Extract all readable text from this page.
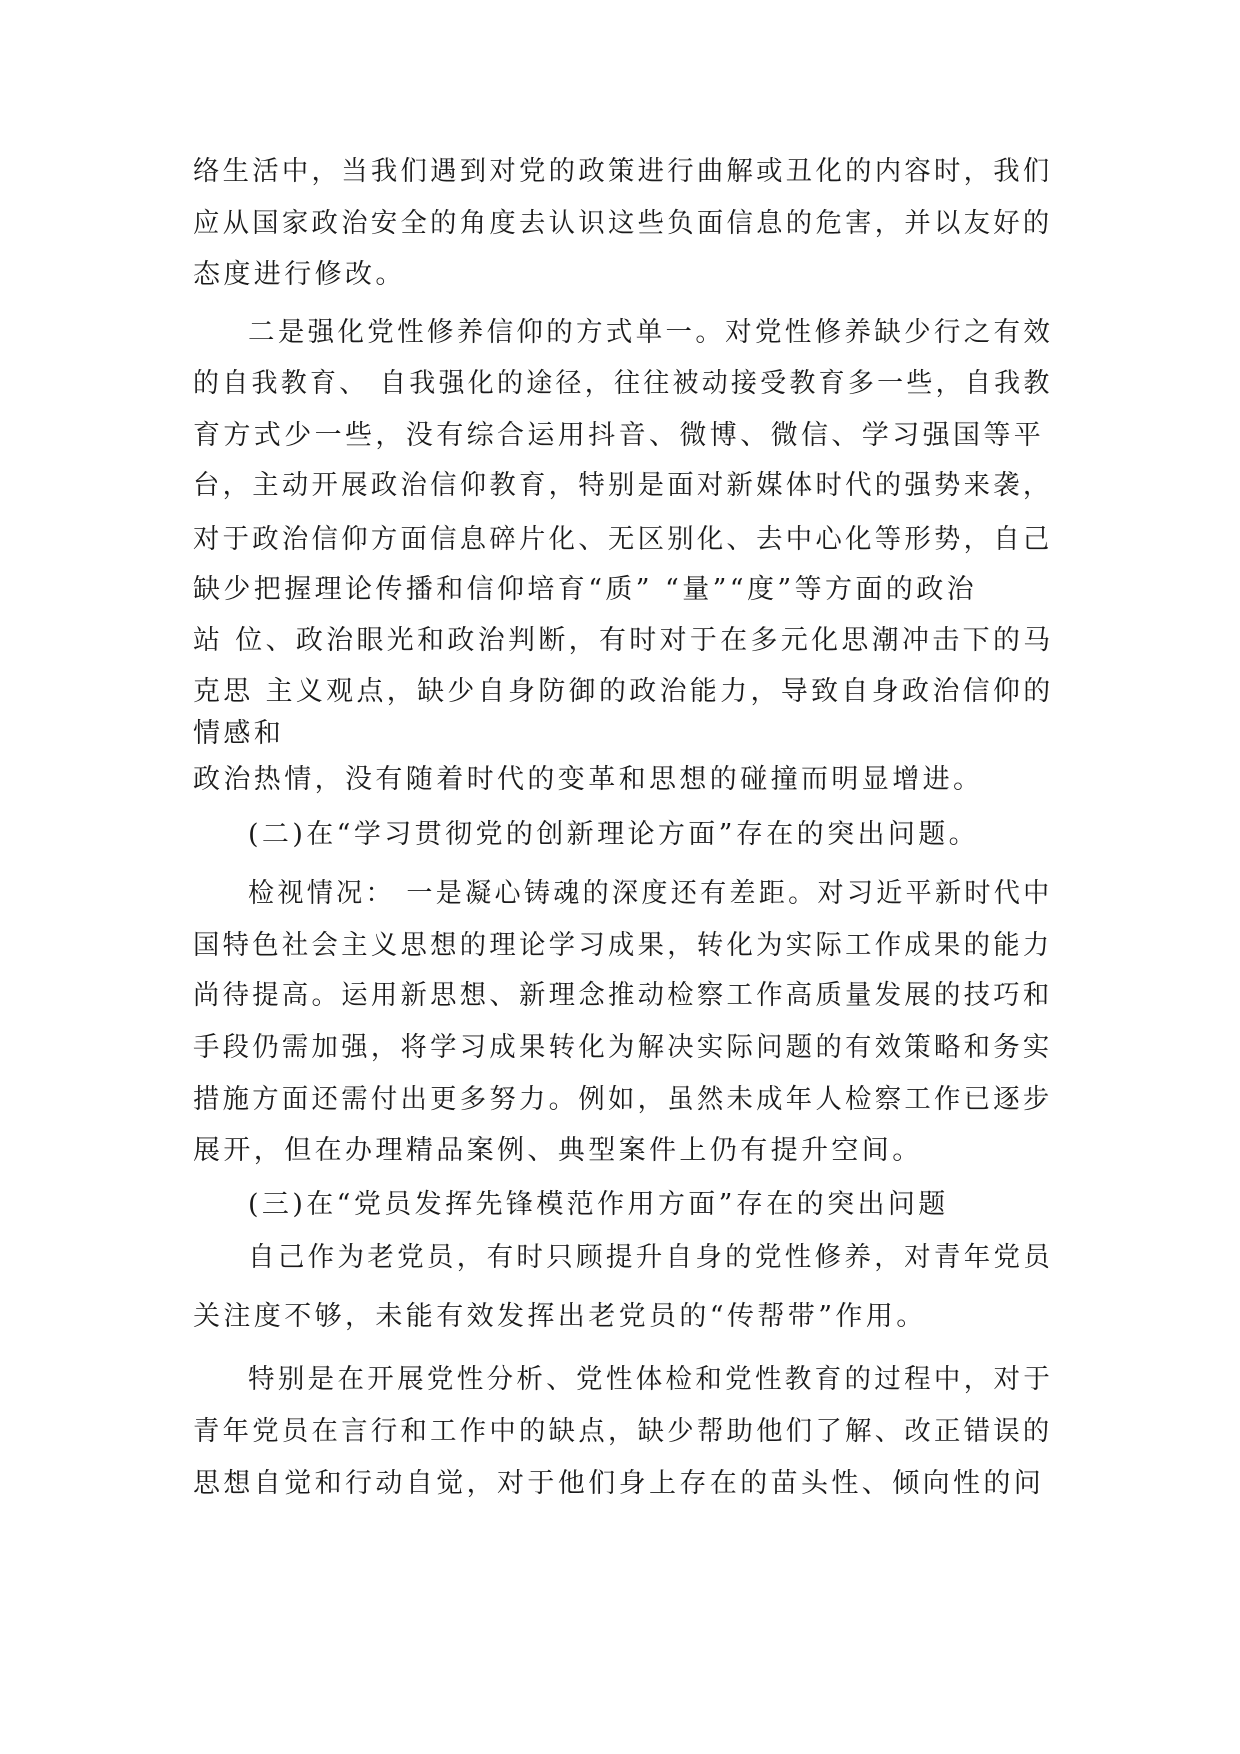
络生活中，当我们遇到对党的政策进行曲解或丑化的内容时，我们
应从国家政治安全的角度去认识这些负面信息的危害，并以友好的
态度进行修改。
二是强化党性修养信仰的方式单一。对党性修养缺少行之有效
的自我教育、 自我强化的途径，往往被动接受教育多一些，自我教
育方式少一些，没有综合运用抖音、微博、微信、学习强国等平
台，主动开展政治信仰教育，特别是面对新媒体时代的强势来袭，
对于政治信仰方面信息碎片化、无区别化、去中心化等形势，自己
缺少把握理论传播和信仰培育“质” “量”“度”等方面的政治
站 位、政治眼光和政治判断，有时对于在多元化思潮冲击下的马
克思 主义观点，缺少自身防御的政治能力，导致自身政治信仰的
情感和
政治热情，没有随着时代的变革和思想的碰撞而明显增进。
(二)在“学习贯彻党的创新理论方面”存在的突出问题。
检视情况： 一是凝心铸魂的深度还有差距。对习近平新时代中
国特色社会主义思想的理论学习成果，转化为实际工作成果的能力
尚待提高。运用新思想、新理念推动检察工作高质量发展的技巧和
手段仍需加强，将学习成果转化为解决实际问题的有效策略和务实
措施方面还需付出更多努力。例如，虽然未成年人检察工作已逐步
展开，但在办理精品案例、典型案件上仍有提升空间。
(三)在“党员发挥先锋模范作用方面”存在的突出问题
自己作为老党员，有时只顾提升自身的党性修养，对青年党员
关注度不够，未能有效发挥出老党员的“传帮带”作用。
特别是在开展党性分析、党性体检和党性教育的过程中，对于
青年党员在言行和工作中的缺点，缺少帮助他们了解、改正错误的
思想自觉和行动自觉，对于他们身上存在的苗头性、倾向性的问
